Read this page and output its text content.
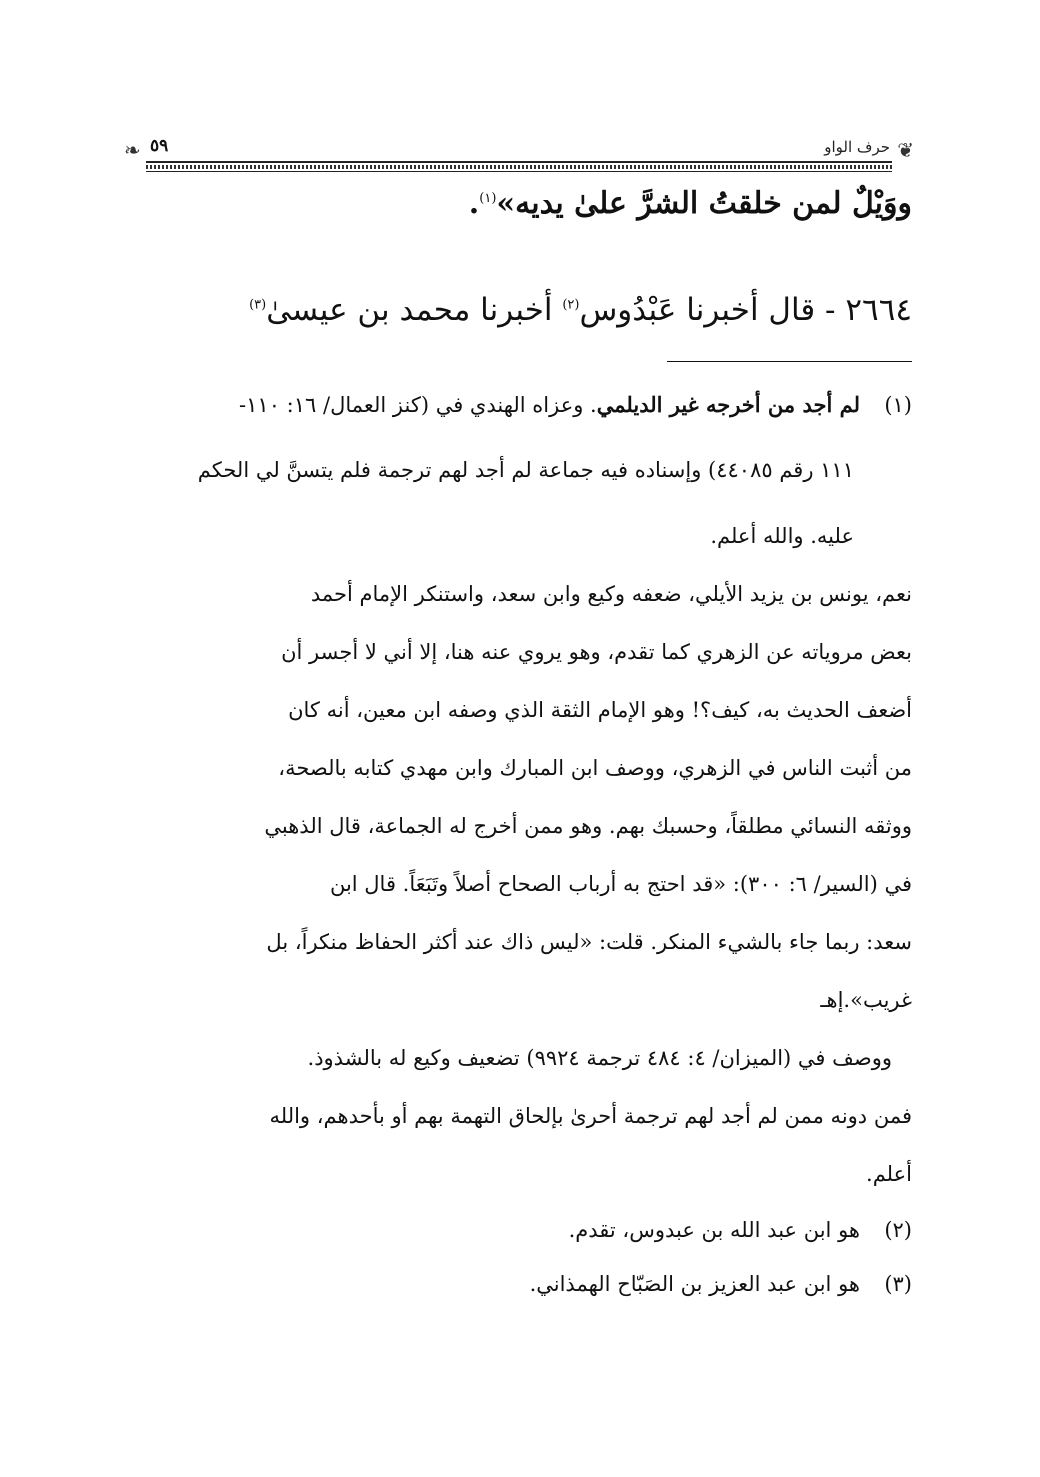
❦
حرف الواو
❧ ٥٩
ووَيْلٌ لمن خلقتُ الشرَّ علىٰ يديه»$^{(١)}$.
٢٦٦٤ - قال أخبرنا عَبْدُوس$^{(٢)}$ أخبرنا محمد بن عيسىٰ$^{(٣)}$
(١)لم أجد من أخرجه غير الديلمي. وعزاه الهندي في (كنز العمال/ ١٦: ١١٠-
١١١ رقم ٤٤٠٨٥) وإسناده فيه جماعة لم أجد لهم ترجمة فلم يتسنَّ لي الحكم
عليه. والله أعلم.
نعم، يونس بن يزيد الأيلي، ضعفه وكيع وابن سعد، واستنكر الإمام أحمد
بعض مروياته عن الزهري كما تقدم، وهو يروي عنه هنا، إلا أني لا أجسر أن
أضعف الحديث به، كيف؟! وهو الإمام الثقة الذي وصفه ابن معين، أنه كان
من أثبت الناس في الزهري، ووصف ابن المبارك وابن مهدي كتابه بالصحة،
ووثقه النسائي مطلقاً، وحسبك بهم. وهو ممن أخرج له الجماعة، قال الذهبي
في (السير/ ٦: ٣٠٠): «قد احتج به أرباب الصحاح أصلاً وتَبَعَاً. قال ابن
سعد: ربما جاء بالشيء المنكر. قلت: «ليس ذاك عند أكثر الحفاظ منكراً، بل
غريب».إهـ
ووصف في (الميزان/ ٤: ٤٨٤ ترجمة ٩٩٢٤) تضعيف وكيع له بالشذوذ.
فمن دونه ممن لم أجد لهم ترجمة أحرىٰ بإلحاق التهمة بهم أو بأحدهم، والله
أعلم.
(٢)هو ابن عبد الله بن عبدوس، تقدم.
(٣)هو ابن عبد العزيز بن الصَبّاح الهمذاني.
